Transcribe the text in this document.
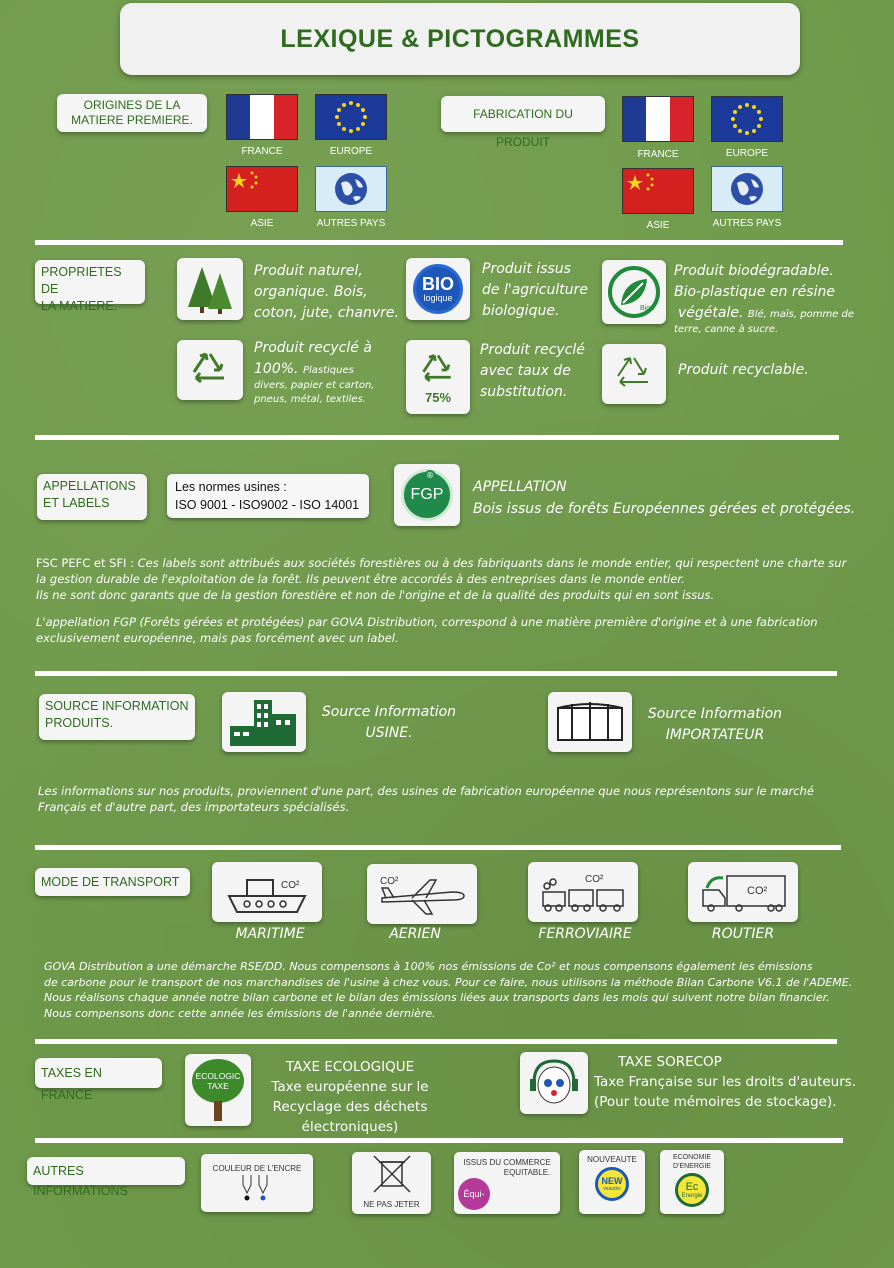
LEXIQUE & PICTOGRAMMES
ORIGINES DE LA MATIERE PREMIERE.
FRANCE	EUROPE
ASIE	AUTRES PAYS
FABRICATION DU PRODUIT
FRANCE	EUROPE
ASIE	AUTRES PAYS
PROPRIETES DE
LA MATIERE.
Produit naturel,
organique. Bois,
coton, jute, chanvre.
BIO
logique
Produit issus
de l'agriculture
biologique.	Biod
Produit biodégradable.
Bio-plastique en résine
végétale. Blé, maïs, pomme de
terre, canne à sucre.
Produit recyclé à
100%. Plastiques
divers, papier et carton,
pneus, métal, textiles.	75%
Produit recyclé
avec taux de
substitution.
Produit recyclable.
APPELLATIONS
ET LABELS
Les normes usines :
ISO 9001 - ISO9002 - ISO 14001
FGP
®
APPELLATION
Bois issus de forêts Européennes gérées et protégées.
FSC PEFC et SFI : Ces labels sont attribués aux sociétés forestières ou à des fabriquants dans le monde entier, qui respectent une charte sur
la gestion durable de l'exploitation de la forêt. Ils peuvent être accordés à des entreprises dans le monde entier.
Ils ne sont donc garants que de la gestion forestière et non de l'origine et de la qualité des produits qui en sont issus.
L'appellation FGP (Forêts gérées et protégées) par GOVA Distribution, correspond à une matière première d'origine et à une fabrication
exclusivement européenne, mais pas forcément avec un label.
SOURCE INFORMATION
PRODUITS.
Source Information
USINE.
Source Information
IMPORTATEUR
Les informations sur nos produits, proviennent d'une part, des usines de fabrication européenne que nous représentons sur le marché
Français et d'autre part, des importateurs spécialisés.
MODE DE TRANSPORT	CO²
MARITIME
CO²
AERIEN
CO²
FERROVIAIRE
CO²
ROUTIER
GOVA Distribution a une démarche RSE/DD. Nous compensons à 100% nos émissions de Co² et nous compensons également les émissions
de carbone pour le transport de nos marchandises de l'usine à chez vous. Pour ce faire, nous utilisons la méthode Bilan Carbone V6.1 de l'ADEME.
Nous réalisons chaque année notre bilan carbone et le bilan des émissions liées aux transports dans les mois qui suivent notre bilan financier.
Nous compensons donc cette année les émissions de l'année dernière.
TAXES EN FRANCE
ECOLOGIC
TAXE
TAXE ECOLOGIQUE
Taxe européenne sur le
Recyclage des déchets
électroniques)
TAXE SORECOP
Taxe Française sur les droits d'auteurs.
(Pour toute mémoires de stockage).
AUTRES INFORMATIONS
COULEUR DE L'ENCRE
NE PAS JETER
ISSUS DU COMMERCE
EQUITABLE.
Équi-
NOUVEAUTE
NEW
veautés
ECONOMIE
D'ENERGIE
Ec
Energie
